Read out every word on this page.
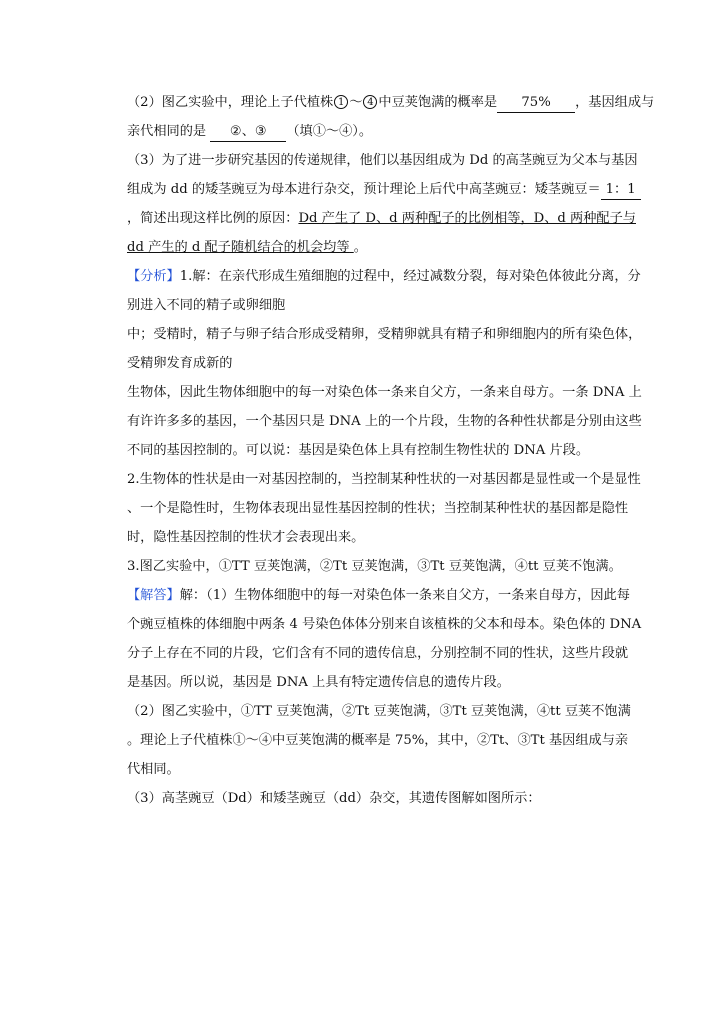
（2）图乙实验中，理论上子代植株 1 ～ 4 中豆荚饱满的概率是 75% ，基因组成与
亲代相同的是 ②、③ （填①～④）。
（3）为了进一步研究基因的传递规律，他们以基因组成为 Dd 的高茎豌豆为父本与基因
组成为 dd 的矮茎豌豆为母本进行杂交，预计理论上后代中高茎豌豆：矮茎豌豆＝ 1：1
，简述出现这样比例的原因：Dd 产生了 D、d 两种配子的比例相等，D、d 两种配子与
dd 产生的 d 配子随机结合的机会均等 。
【分析】1.解：在亲代形成生殖细胞的过程中，经过减数分裂，每对染色体彼此分离，分
别进入不同的精子或卵细胞
中；受精时，精子与卵子结合形成受精卵，受精卵就具有精子和卵细胞内的所有染色体，
受精卵发育成新的
生物体，因此生物体细胞中的每一对染色体一条来自父方，一条来自母方。一条 DNA 上
有许许多多的基因，一个基因只是 DNA 上的一个片段，生物的各种性状都是分别由这些
不同的基因控制的。可以说：基因是染色体上具有控制生物性状的 DNA 片段。
2.生物体的性状是由一对基因控制的，当控制某种性状的一对基因都是显性或一个是显性
、一个是隐性时，生物体表现出显性基因控制的性状；当控制某种性状的基因都是隐性
时，隐性基因控制的性状才会表现出来。
3.图乙实验中，①TT 豆荚饱满，②Tt 豆荚饱满，③Tt 豆荚饱满，④tt 豆荚不饱满。
【解答】解：（1）生物体细胞中的每一对染色体一条来自父方，一条来自母方，因此每
个豌豆植株的体细胞中两条 4 号染色体体分别来自该植株的父本和母本。染色体的 DNA
分子上存在不同的片段，它们含有不同的遗传信息，分别控制不同的性状，这些片段就
是基因。所以说，基因是 DNA 上具有特定遗传信息的遗传片段。
（2）图乙实验中，①TT 豆荚饱满，②Tt 豆荚饱满，③Tt 豆荚饱满，④tt 豆荚不饱满
。理论上子代植株①～④中豆荚饱满的概率是 75%，其中，②Tt、③Tt 基因组成与亲
代相同。
（3）高茎豌豆（Dd）和矮茎豌豆（dd）杂交，其遗传图解如图所示：
